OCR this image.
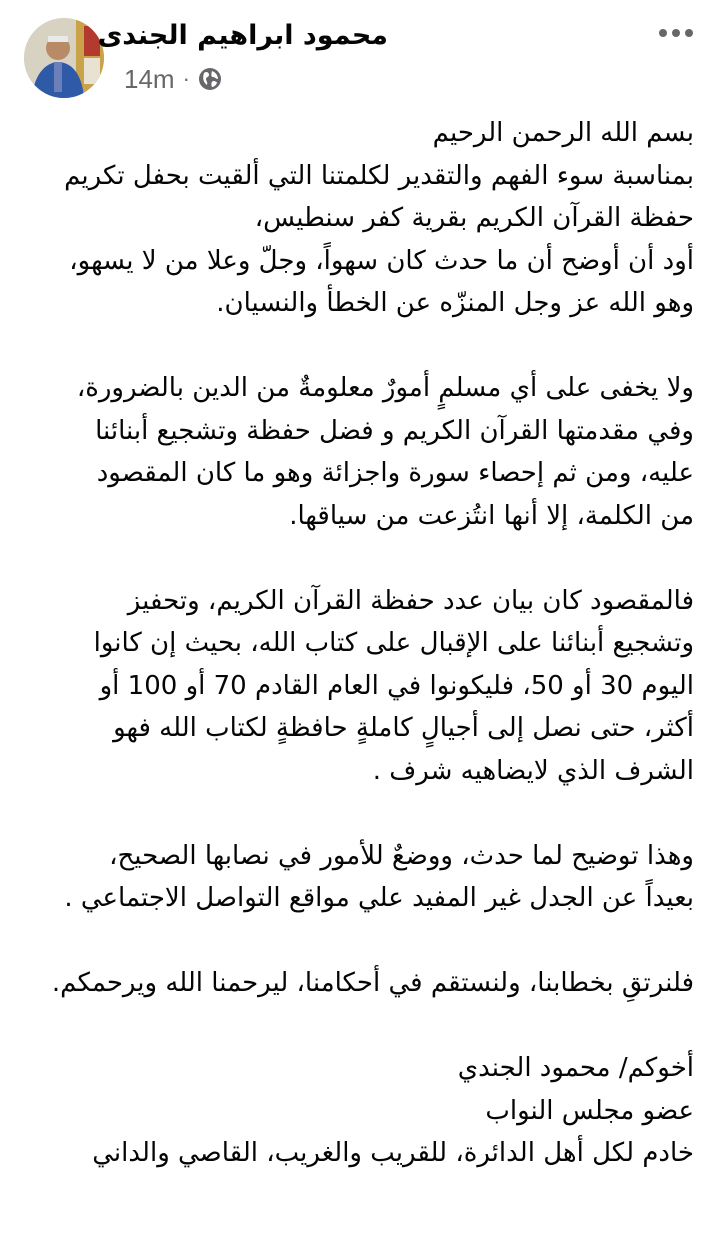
محمود ابراهيم الجندى
14m ·
بسم الله الرحمن الرحيم
بمناسبة سوء الفهم والتقدير لكلمتنا التي ألقيت بحفل تكريم
حفظة القرآن الكريم بقرية كفر سنطيس،
أود أن أوضح أن ما حدث كان سهواً، وجلّ وعلا من لا يسهو،
وهو الله عز وجل المنزّه عن الخطأ والنسيان.
ولا يخفى على أي مسلمٍ أمورٌ معلومةٌ من الدين بالضرورة،
وفي مقدمتها القرآن الكريم و فضل حفظة وتشجيع أبنائنا
عليه، ومن ثم إحصاء سورة واجزائة وهو ما كان المقصود
من الكلمة، إلا أنها انتُزعت من سياقها.
فالمقصود كان بيان عدد حفظة القرآن الكريم، وتحفيز
وتشجيع أبنائنا على الإقبال على كتاب الله، بحيث إن كانوا
اليوم 30 أو 50، فليكونوا في العام القادم 70 أو 100 أو
أكثر، حتى نصل إلى أجيالٍ كاملةٍ حافظةٍ لكتاب الله فهو
الشرف الذي لايضاهيه شرف .
وهذا توضيح لما حدث، ووضعٌ للأمور في نصابها الصحيح،
بعيداً عن الجدل غير المفيد علي مواقع التواصل الاجتماعي .
فلنرتقِ بخطابنا، ولنستقم في أحكامنا، ليرحمنا الله ويرحمكم.
أخوكم/ محمود الجندي
عضو مجلس النواب
خادم لكل أهل الدائرة، للقريب والغريب، القاصي والداني
